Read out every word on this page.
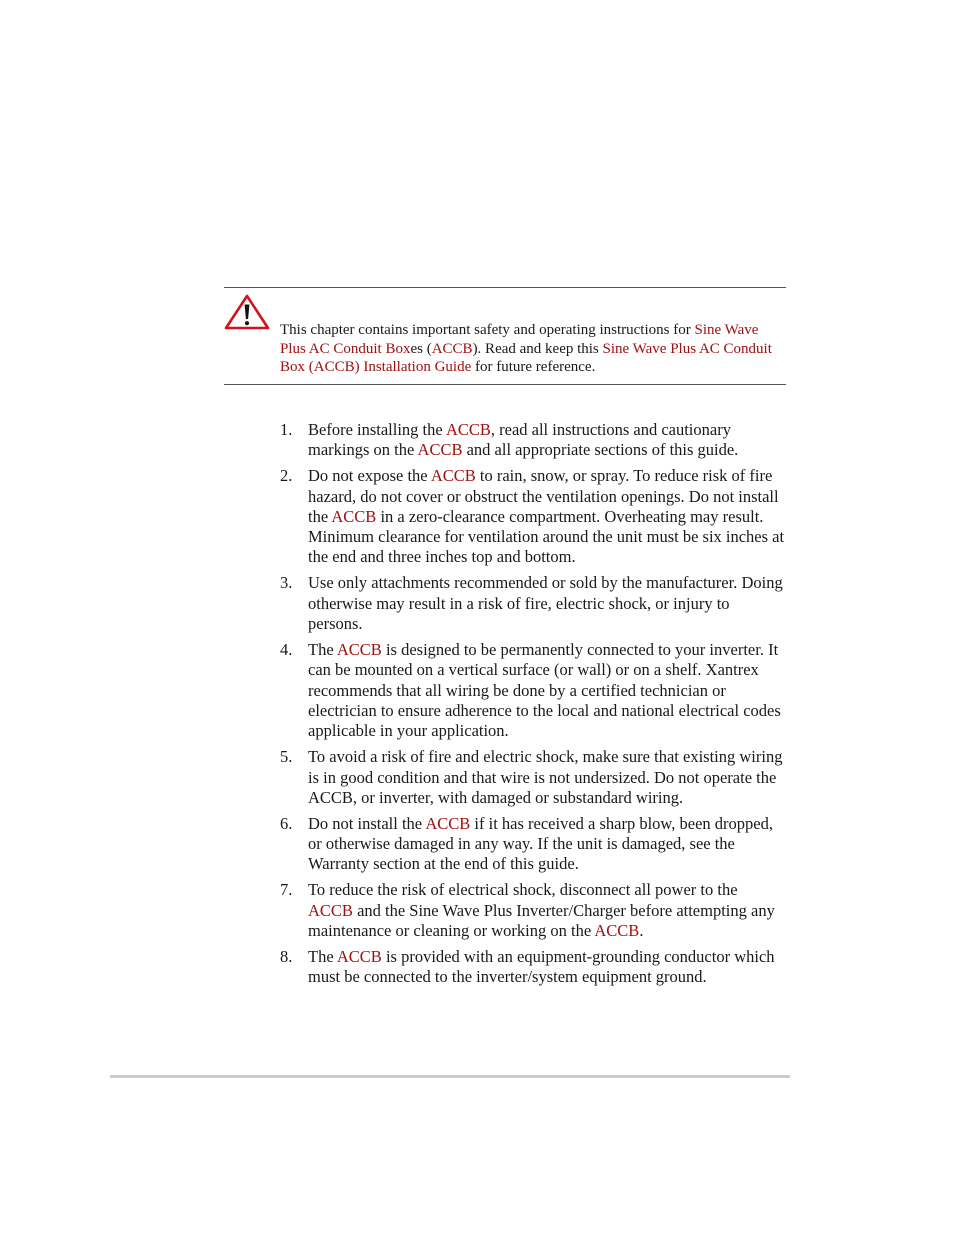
This chapter contains important safety and operating instructions for Sine Wave Plus AC Conduit Boxes (ACCB). Read and keep this Sine Wave Plus AC Conduit Box (ACCB) Installation Guide for future reference.

1. Before installing the ACCB, read all instructions and cautionary markings on the ACCB and all appropriate sections of this guide.
2. Do not expose the ACCB to rain, snow, or spray. To reduce risk of fire hazard, do not cover or obstruct the ventilation openings. Do not install the ACCB in a zero-clearance compartment. Overheating may result. Minimum clearance for ventilation around the unit must be six inches at the end and three inches top and bottom.
3. Use only attachments recommended or sold by the manufacturer. Doing otherwise may result in a risk of fire, electric shock, or injury to persons.
4. The ACCB is designed to be permanently connected to your inverter. It can be mounted on a vertical surface (or wall) or on a shelf. Xantrex recommends that all wiring be done by a certified technician or electrician to ensure adherence to the local and national electrical codes applicable in your application.
5. To avoid a risk of fire and electric shock, make sure that existing wiring is in good condition and that wire is not undersized. Do not operate the ACCB, or inverter, with damaged or substandard wiring.
6. Do not install the ACCB if it has received a sharp blow, been dropped, or otherwise damaged in any way. If the unit is damaged, see the Warranty section at the end of this guide.
7. To reduce the risk of electrical shock, disconnect all power to the ACCB and the Sine Wave Plus Inverter/Charger before attempting any maintenance or cleaning or working on the ACCB.
8. The ACCB is provided with an equipment-grounding conductor which must be connected to the inverter/system equipment ground.
